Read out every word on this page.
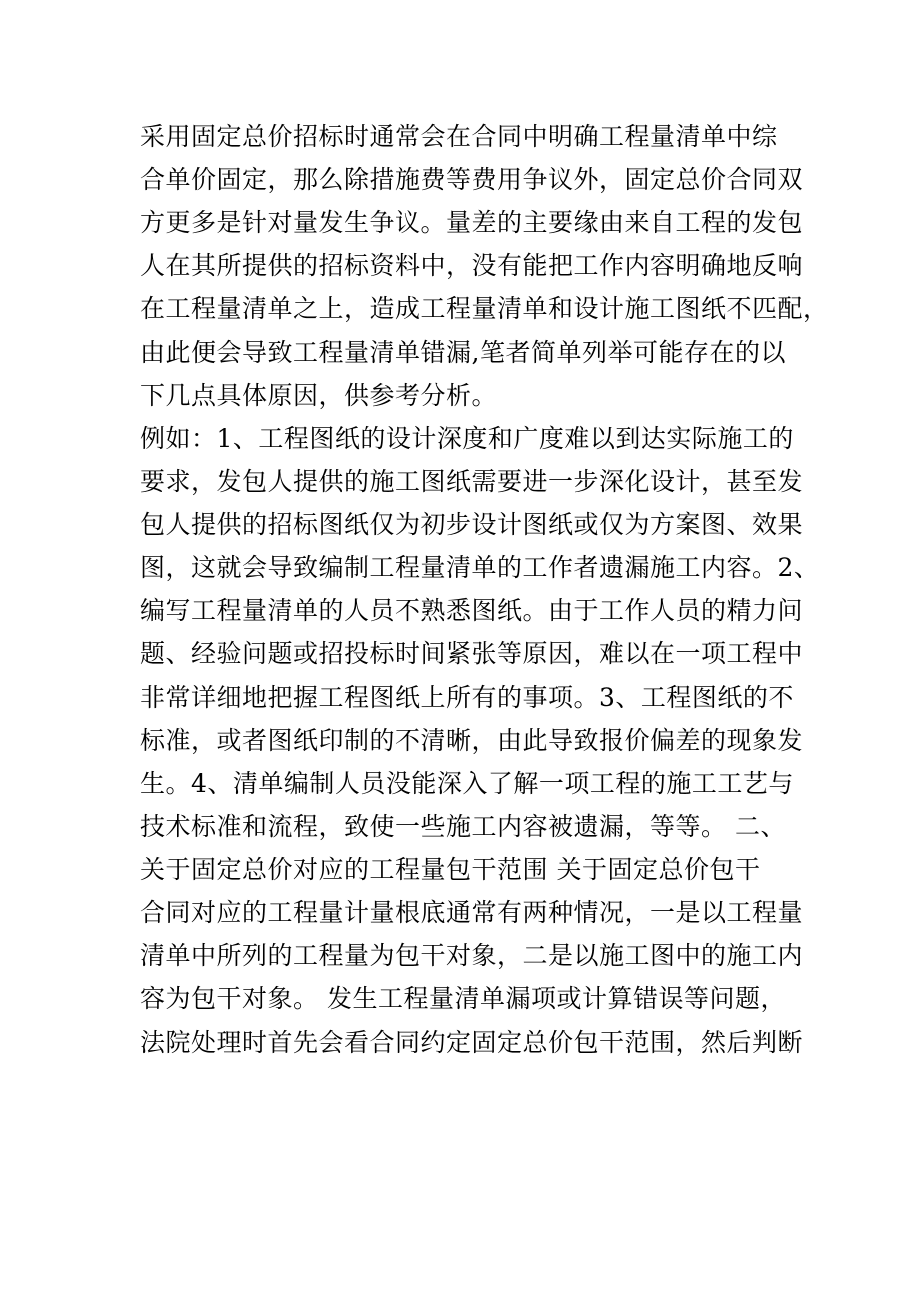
采用固定总价招标时通常会在合同中明确工程量清单中综
合单价固定，那么除措施费等费用争议外，固定总价合同双
方更多是针对量发生争议。量差的主要缘由来自工程的发包
人在其所提供的招标资料中，没有能把工作内容明确地反响
在工程量清单之上，造成工程量清单和设计施工图纸不匹配，
由此便会导致工程量清单错漏,笔者简单列举可能存在的以
下几点具体原因，供参考分析。
例如：1、工程图纸的设计深度和广度难以到达实际施工的
要求，发包人提供的施工图纸需要进一步深化设计，甚至发
包人提供的招标图纸仅为初步设计图纸或仅为方案图、效果
图，这就会导致编制工程量清单的工作者遗漏施工内容。2、
编写工程量清单的人员不熟悉图纸。由于工作人员的精力问
题、经验问题或招投标时间紧张等原因，难以在一项工程中
非常详细地把握工程图纸上所有的事项。3、工程图纸的不
标准，或者图纸印制的不清晰，由此导致报价偏差的现象发
生。4、清单编制人员没能深入了解一项工程的施工工艺与
技术标准和流程，致使一些施工内容被遗漏，等等。 二、
关于固定总价对应的工程量包干范围 关于固定总价包干
合同对应的工程量计量根底通常有两种情况，一是以工程量
清单中所列的工程量为包干对象，二是以施工图中的施工内
容为包干对象。 发生工程量清单漏项或计算错误等问题，
法院处理时首先会看合同约定固定总价包干范围，然后判断
